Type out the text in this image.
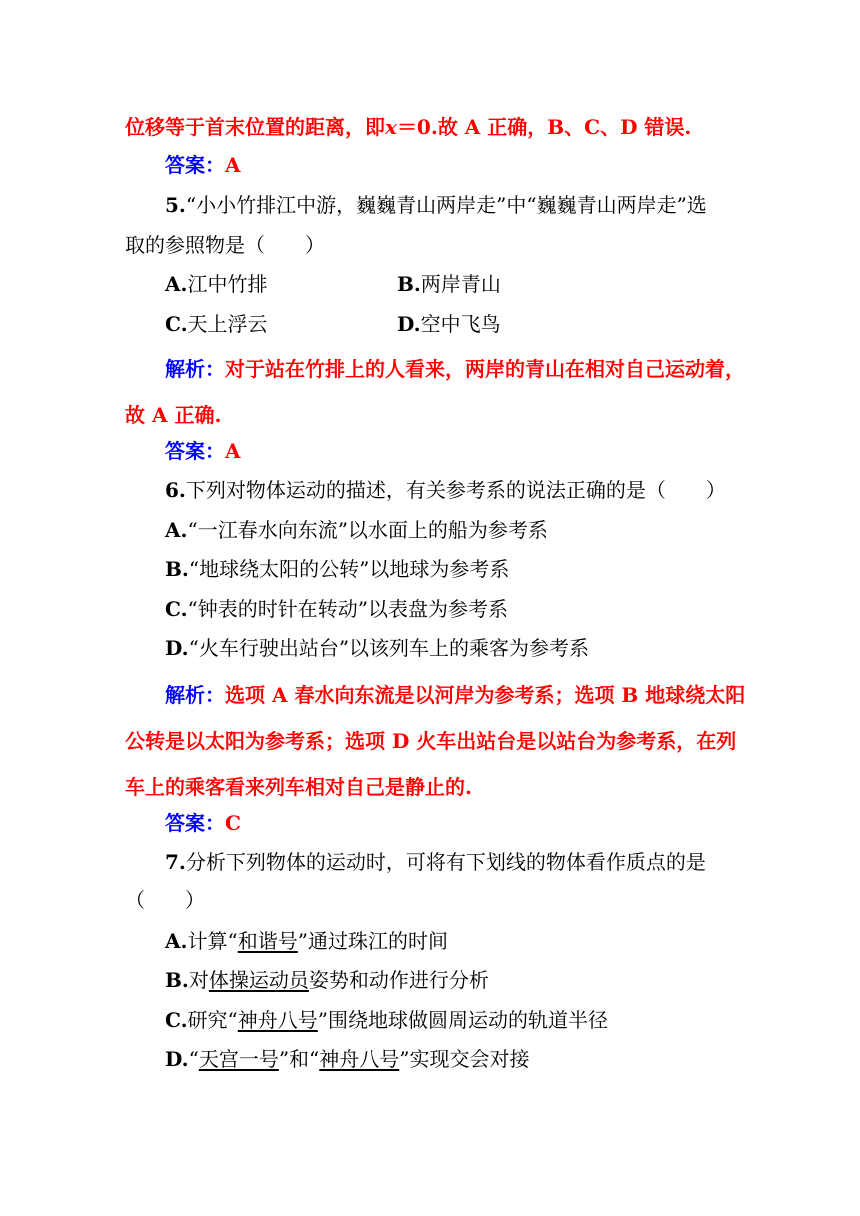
位移等于首末位置的距离，即x＝0.故 A 正确，B、C、D 错误.
答案：A
5.“小小竹排江中游，巍巍青山两岸走”中“巍巍青山两岸走”选
取的参照物是（　　）
A.江中竹排	B.两岸青山
C.天上浮云	D.空中飞鸟
解析：对于站在竹排上的人看来，两岸的青山在相对自己运动着，
故 A 正确.
答案：A
6.下列对物体运动的描述，有关参考系的说法正确的是（　　）
A.“一江春水向东流”以水面上的船为参考系
B.“地球绕太阳的公转”以地球为参考系
C.“钟表的时针在转动”以表盘为参考系
D.“火车行驶出站台”以该列车上的乘客为参考系
解析：选项 A 春水向东流是以河岸为参考系；选项 B 地球绕太阳
公转是以太阳为参考系；选项 D 火车出站台是以站台为参考系，在列
车上的乘客看来列车相对自己是静止的.
答案：C
7.分析下列物体的运动时，可将有下划线的物体看作质点的是
（　　）
A.计算“和谐号”通过珠江的时间
B.对体操运动员姿势和动作进行分析
C.研究“神舟八号”围绕地球做圆周运动的轨道半径
D.“天宫一号”和“神舟八号”实现交会对接
